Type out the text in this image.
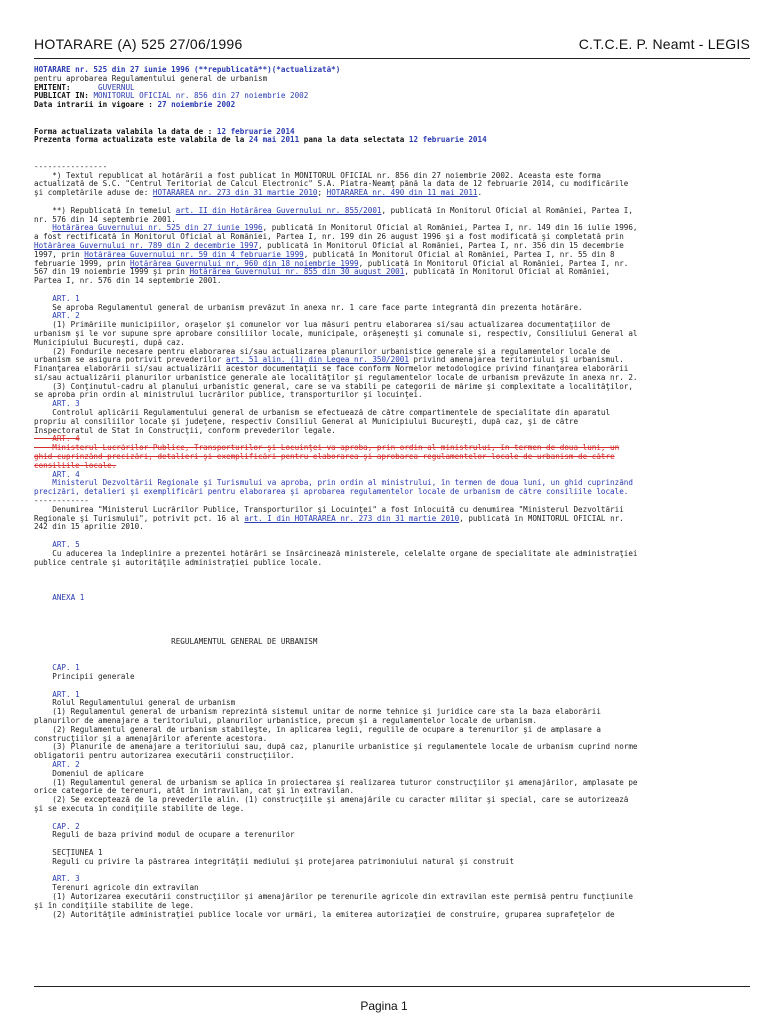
HOTARARE (A) 525 27/06/1996	C.T.C.E. P. Neamt - LEGIS
HOTĂRÂRE nr. 525 din 27 iunie 1996 (**republicată**)(*actualizată*)
pentru aprobarea Regulamentului general de urbanism
EMITENT:      GUVERNUL
PUBLICAT ÎN: MONITORUL OFICIAL nr. 856 din 27 noiembrie 2002
Data intrarii in vigoare : 27 noiembrie 2002
Forma actualizata valabila la data de : 12 februarie 2014
Prezenta forma actualizata este valabila de la 24 mai 2011 pana la data selectata 12 februarie 2014
----------------
*) Textul republicat al hotărârii a fost publicat în MONITORUL OFICIAL nr. 856 din 27 noiembrie 2002. Aceasta este forma
actualizată de S.C. "Centrul Teritorial de Calcul Electronic" S.A. Piatra-Neamţ până la data de 12 februarie 2014, cu modificările
şi completările aduse de: HOTĂRÂREA nr. 273 din 31 martie 2010; HOTĂRÂREA nr. 490 din 11 mai 2011.
**) Republicată în temeiul art. II din Hotărârea Guvernului nr. 855/2001, publicată în Monitorul Oficial al României, Partea I,
nr. 576 din 14 septembrie 2001.
Hotărârea Guvernului nr. 525 din 27 iunie 1996, publicată în Monitorul Oficial al României, Partea I, nr. 149 din 16 iulie 1996,
a fost rectificată în Monitorul Oficial al României, Partea I, nr. 199 din 26 august 1996 şi a fost modificată şi completată prin
Hotărârea Guvernului nr. 789 din 2 decembrie 1997, publicată în Monitorul Oficial al României, Partea I, nr. 356 din 15 decembrie
1997, prin Hotărârea Guvernului nr. 59 din 4 februarie 1999, publicată în Monitorul Oficial al României, Partea I, nr. 55 din 8
februarie 1999, prin Hotărârea Guvernului nr. 960 din 18 noiembrie 1999, publicată în Monitorul Oficial al României, Partea I, nr.
567 din 19 noiembrie 1999 şi prin Hotărârea Guvernului nr. 855 din 30 august 2001, publicată în Monitorul Oficial al României,
Partea I, nr. 576 din 14 septembrie 2001.
ART. 1
Se aproba Regulamentul general de urbanism prevăzut în anexa nr. 1 care face parte integrantă din prezenta hotărâre.
ART. 2
(1) Primăriile municipiilor, oraşelor şi comunelor vor lua măsuri pentru elaborarea si/sau actualizarea documentaţiilor de
urbanism şi le vor supune spre aprobare consiliilor locale, municipale, orăşeneşti şi comunale si, respectiv, Consiliului General al
Municipiului Bucureşti, după caz.
(2) Fondurile necesare pentru elaborarea si/sau actualizarea planurilor urbanistice generale şi a regulamentelor locale de
urbanism se asigura potrivit prevederilor art. 51 alin. (1) din Legea nr. 350/2001 privind amenajarea teritoriului şi urbanismul.
Finanţarea elaborării si/sau actualizării acestor documentaţii se face conform Normelor metodologice privind finanţarea elaborării
si/sau actualizării planurilor urbanistice generale ale localităţilor şi regulamentelor locale de urbanism prevăzute în anexa nr. 2.
(3) Conţinutul-cadru al planului urbanistic general, care se va stabili pe categorii de mărime şi complexitate a localităţilor,
se aproba prin ordin al ministrului lucrărilor publice, transporturilor şi locuinţei.
ART. 3
Controlul aplicării Regulamentului general de urbanism se efectuează de către compartimentele de specialitate din aparatul
propriu al consiliilor locale şi judeţene, respectiv Consiliul General al Municipiului Bucureşti, după caz, şi de către
Inspectoratul de Stat în Construcţii, conform prevederilor legale.
ART. 4
Ministerul Lucrărilor Publice, Transporturilor şi Locuinţei va aproba, prin ordin al ministrului, în termen de doua luni, un
ghid cuprinzând precizări, detalieri şi exemplificări pentru elaborarea şi aprobarea regulamentelor locale de urbanism de către
consiliile locale.
ART. 4
Ministerul Dezvoltării Regionale şi Turismului va aproba, prin ordin al ministrului, în termen de doua luni, un ghid cuprinzând
precizări, detalieri şi exemplificări pentru elaborarea şi aprobarea regulamentelor locale de urbanism de către consiliile locale.
------------
Denumirea "Ministerul Lucrărilor Publice, Transporturilor şi Locuinţei" a fost înlocuită cu denumirea "Ministerul Dezvoltării
Regionale şi Turismului", potrivit pct. 16 al art. I din HOTĂRÂREA nr. 273 din 31 martie 2010, publicată în MONITORUL OFICIAL nr.
242 din 15 aprilie 2010.
ART. 5
Cu aducerea la îndeplinire a prezentei hotărâri se însărcinează ministerele, celelalte organe de specialitate ale administraţiei
publice centrale şi autorităţile administraţiei publice locale.
ANEXA 1
REGULAMENTUL GENERAL DE URBANISM
CAP. 1
Principii generale
ART. 1
Rolul Regulamentului general de urbanism
(1) Regulamentul general de urbanism reprezintă sistemul unitar de norme tehnice şi juridice care sta la baza elaborării
planurilor de amenajare a teritoriului, planurilor urbanistice, precum şi a regulamentelor locale de urbanism.
(2) Regulamentul general de urbanism stabileşte, în aplicarea legii, regulile de ocupare a terenurilor şi de amplasare a
construcţiilor şi a amenajărilor aferente acestora.
(3) Planurile de amenajare a teritoriului sau, după caz, planurile urbanistice şi regulamentele locale de urbanism cuprind norme
obligatorii pentru autorizarea executării construcţiilor.
ART. 2
Domeniul de aplicare
(1) Regulamentul general de urbanism se aplica în proiectarea şi realizarea tuturor construcţiilor şi amenajărilor, amplasate pe
orice categorie de terenuri, atât în intravilan, cat şi în extravilan.
(2) Se exceptează de la prevederile alin. (1) construcţiile şi amenajările cu caracter militar şi special, care se autorizează
şi se executa în condiţiile stabilite de lege.
CAP. 2
Reguli de baza privind modul de ocupare a terenurilor
SECŢIUNEA 1
Reguli cu privire la păstrarea integrităţii mediului şi protejarea patrimoniului natural şi construit
ART. 3
Terenuri agricole din extravilan
(1) Autorizarea executării construcţiilor şi amenajărilor pe terenurile agricole din extravilan este permisă pentru funcţiunile
şi în condiţiile stabilite de lege.
(2) Autorităţile administraţiei publice locale vor urmări, la emiterea autorizaţiei de construire, gruparea suprafeţelor de
Pagina 1
